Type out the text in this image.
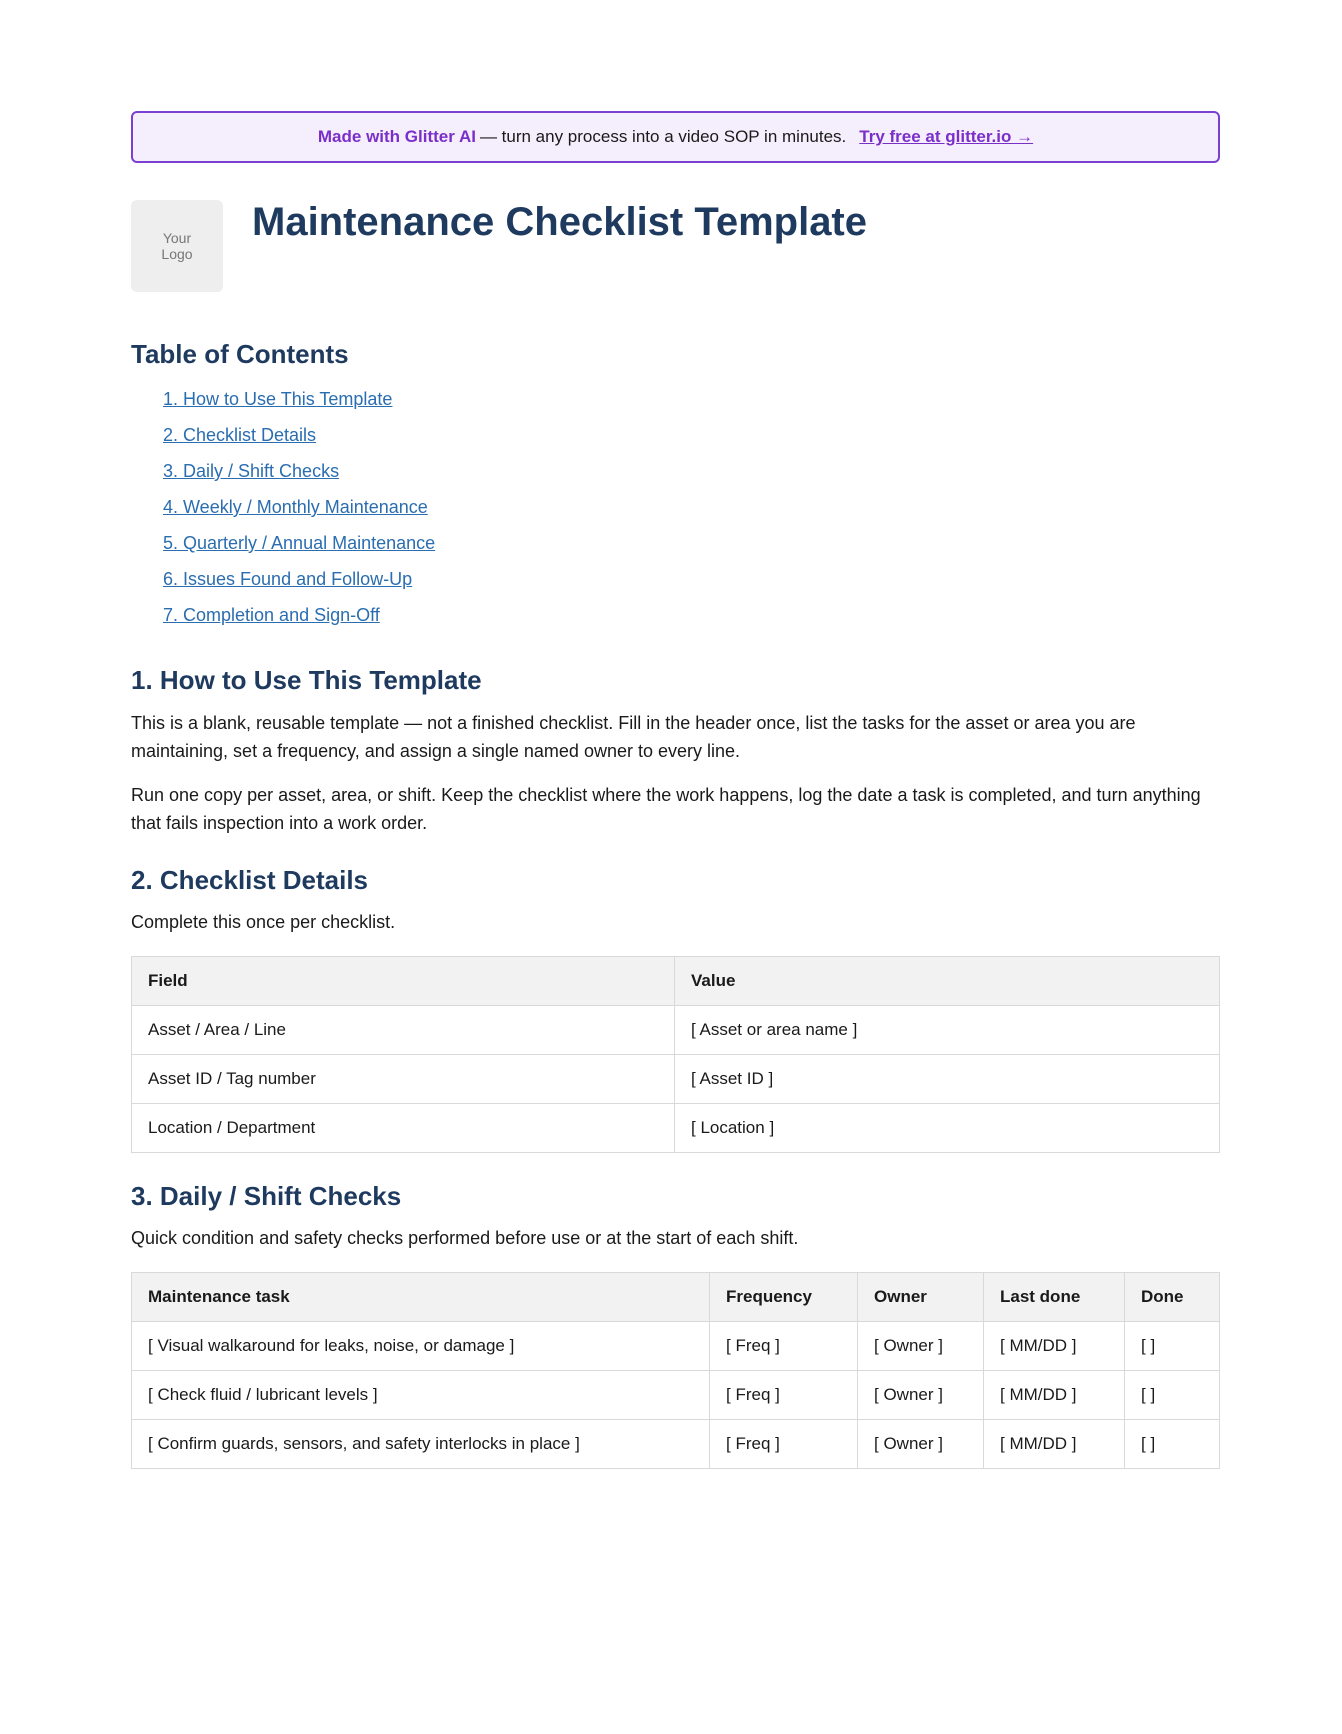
Made with Glitter AI — turn any process into a video SOP in minutes. Try free at glitter.io →
Your
Logo
Maintenance Checklist Template
Table of Contents
1. How to Use This Template
2. Checklist Details
3. Daily / Shift Checks
4. Weekly / Monthly Maintenance
5. Quarterly / Annual Maintenance
6. Issues Found and Follow-Up
7. Completion and Sign-Off
1. How to Use This Template

This is a blank, reusable template — not a finished checklist. Fill in the header once, list the tasks for the asset or area you are maintaining, set a frequency, and assign a single named owner to every line.

Run one copy per asset, area, or shift. Keep the checklist where the work happens, log the date a task is completed, and turn anything that fails inspection into a work order.

2. Checklist Details

Complete this once per checklist.

Field	Value
Asset / Area / Line	[ Asset or area name ]
Asset ID / Tag number	[ Asset ID ]
Location / Department	[ Location ]
3. Daily / Shift Checks

Quick condition and safety checks performed before use or at the start of each shift.

Maintenance task	Frequency	Owner	Last done	Done
[ Visual walkaround for leaks, noise, or damage ]	[ Freq ]	[ Owner ]	[ MM/DD ]	[ ]
[ Check fluid / lubricant levels ]	[ Freq ]	[ Owner ]	[ MM/DD ]	[ ]
[ Confirm guards, sensors, and safety interlocks in place ]	[ Freq ]	[ Owner ]	[ MM/DD ]	[ ]
